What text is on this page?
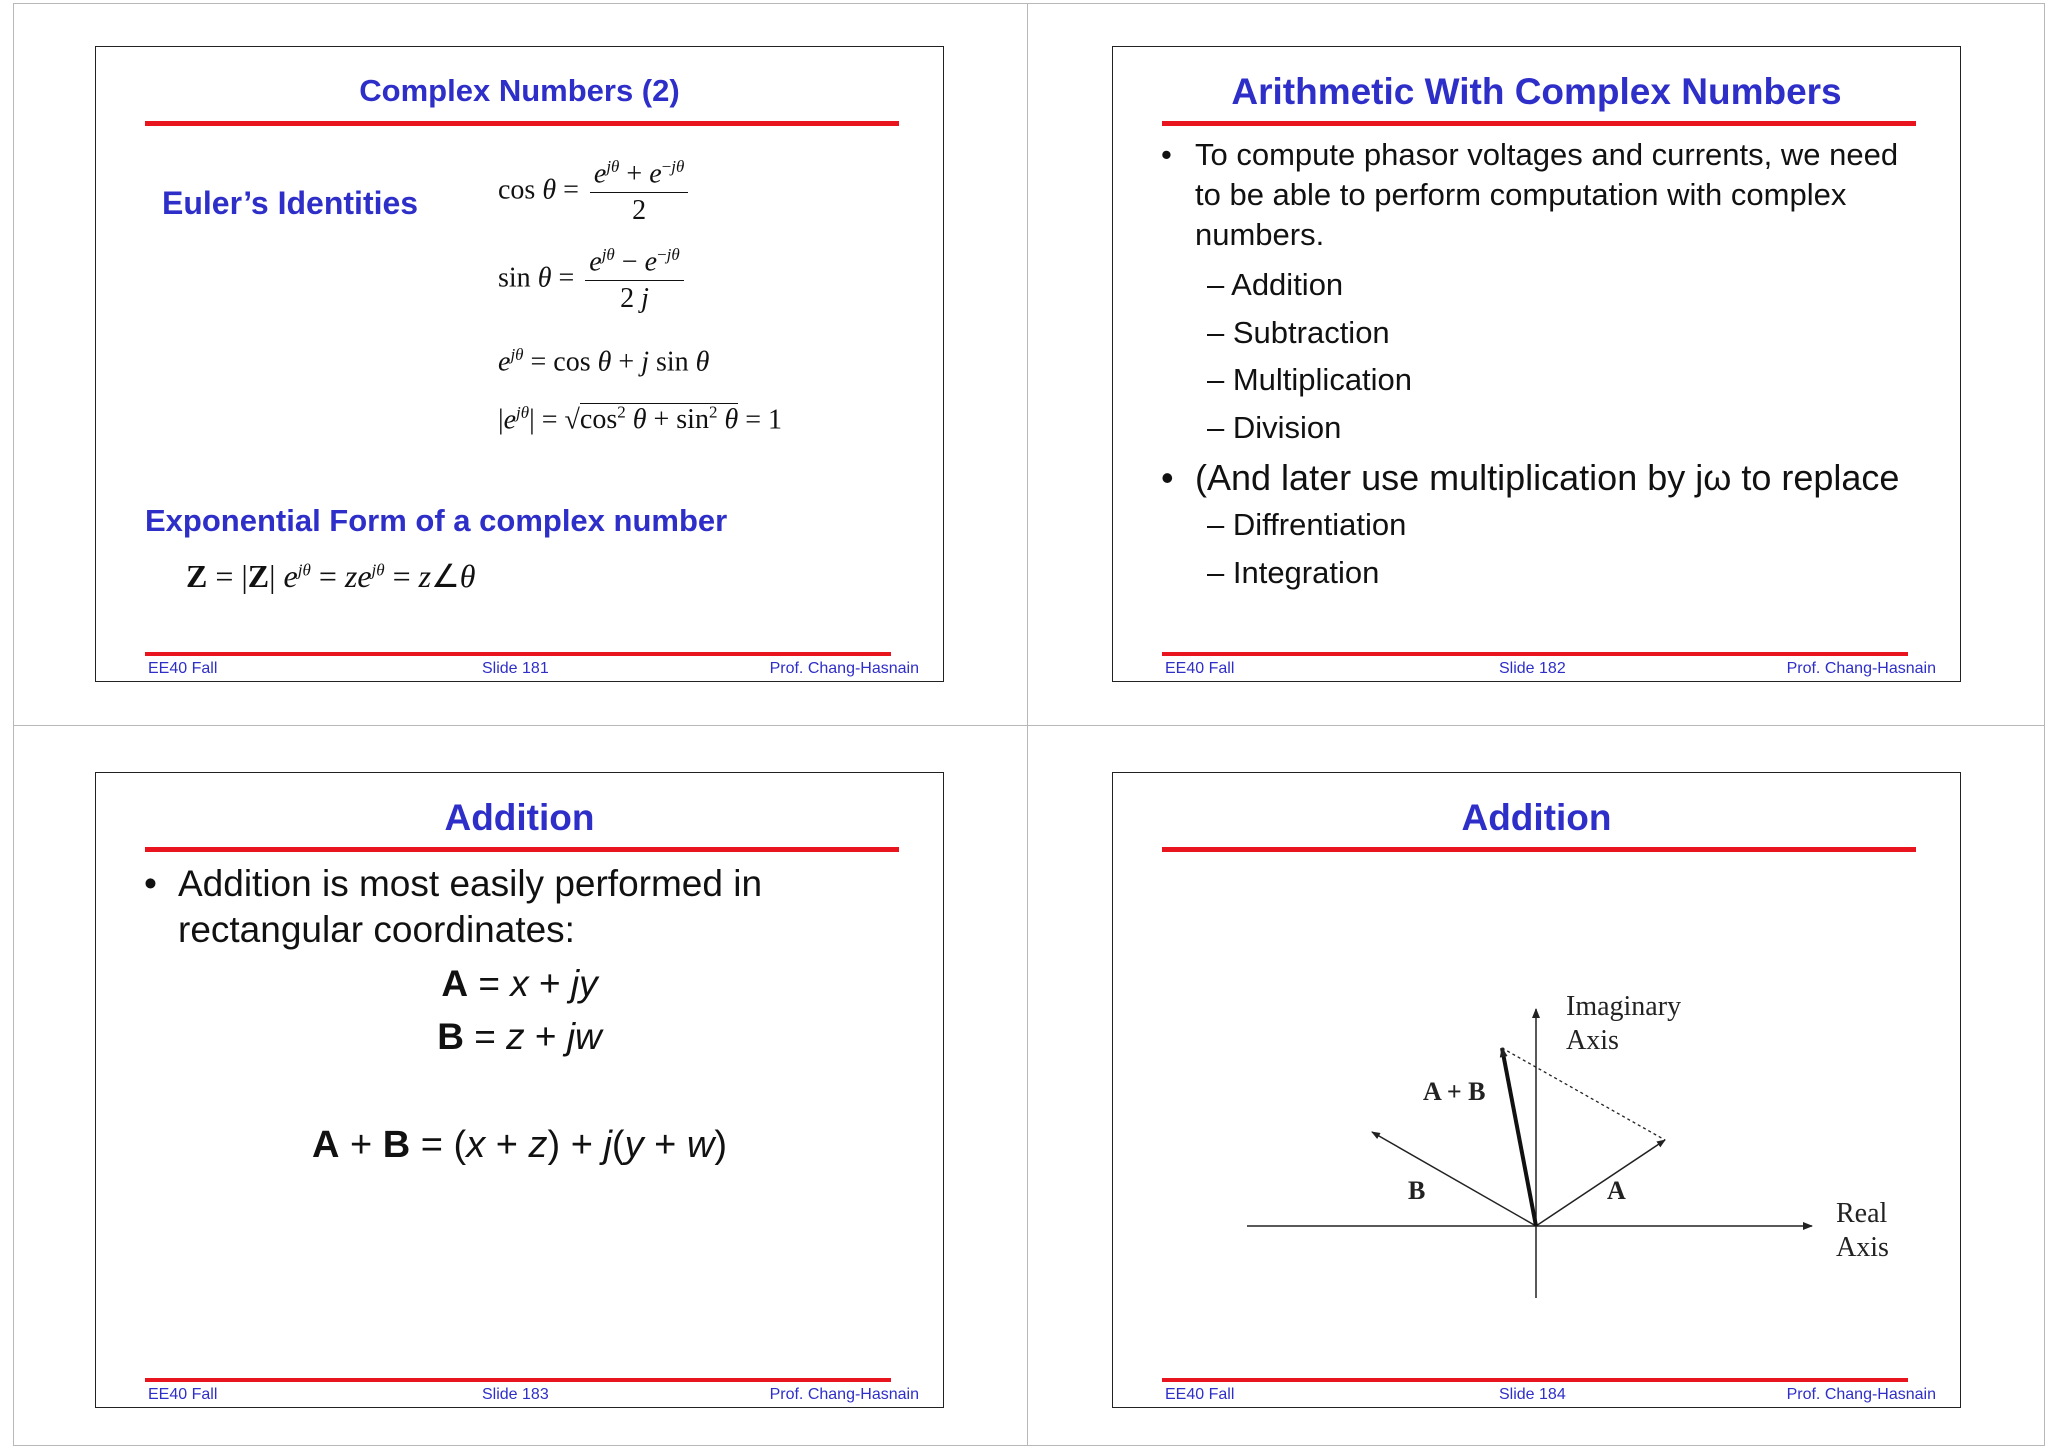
Complex Numbers (2)
Euler’s Identities	$\cos \theta = \frac{e^{j\theta} + e^{-j\theta}}{2}$
$\sin \theta = \frac{e^{j\theta} - e^{-j\theta}}{2 j}$
$e^{j\theta} = \cos \theta + j$ sin θ
$|e^{j\theta}| = √\cos^2$ $\theta + \sin^2 \theta = 1$
Exponential Form of a complex number
Z = |Z| $e^{j\theta} = ze^{j\theta}$ = z∠θ
EE40 Fall	Slide 181	Prof. Chang-Hasnain
Arithmetic With Complex Numbers
• To compute phasor voltages and currents, we need to be able to perform computation with complex numbers.
– Addition
– Subtraction
– Multiplication
– Division
• (And later use multiplication by jω to replace
– Diffrentiation
– Integration
EE40 Fall	Slide 182	Prof. Chang-Hasnain
Addition
• Addition is most easily performed in rectangular coordinates:
A = x + jy
B = z + jw
A + B = (x + z) + j(y + w)
EE40 Fall	Slide 183	Prof. Chang-Hasnain
Addition
Imaginary
Axis
Real
Axis
A + B
A
B
EE40 Fall	Slide 184	Prof. Chang-Hasnain
